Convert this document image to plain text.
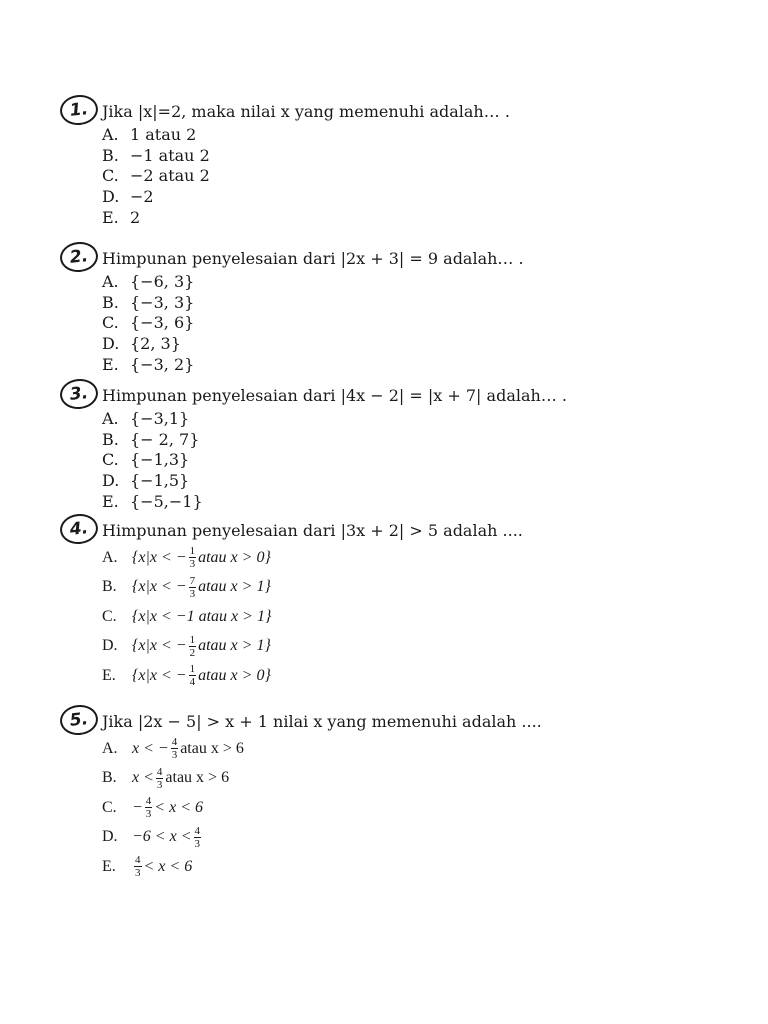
1. Jika |x|=2, maka nilai x yang memenuhi adalah… .
A. 1 atau 2
B. −1 atau 2
C. −2 atau 2
D. −2
E. 2
2. Himpunan penyelesaian dari |2x + 3| = 9 adalah… .
A. {−6, 3}
B. {−3, 3}
C. {−3, 6}
D. {2, 3}
E. {−3, 2}
3. Himpunan penyelesaian dari |4x − 2| = |x + 7| adalah… .
A. {−3,1}
B. {− 2, 7}
C. {−1,3}
D. {−1,5}
E. {−5,−1}
4. Himpunan penyelesaian dari |3x + 2| > 5 adalah ....
A. {x|x < − $\frac{1}{3}$ atau x > 0}
B. {x|x < − $\frac{7}{3}$ atau x > 1}
C. {x|x < −1 atau x > 1}
D. {x|x < − $\frac{1}{2}$ atau x > 1}
E.	{x|x < − $\frac{1}{4}$ atau x > 0}
5. Jika |2x − 5| > x + 1 nilai x yang memenuhi adalah ....
A. x < − $\frac{4}{3}$ atau x > 6
B. $x < \frac{4}{3}$ atau x > 6
C. − $\frac{4}{3} < x < 6$
D. $-6 < x < \frac{4}{3}$
E.	$\frac{4}{3} < x < 6$
